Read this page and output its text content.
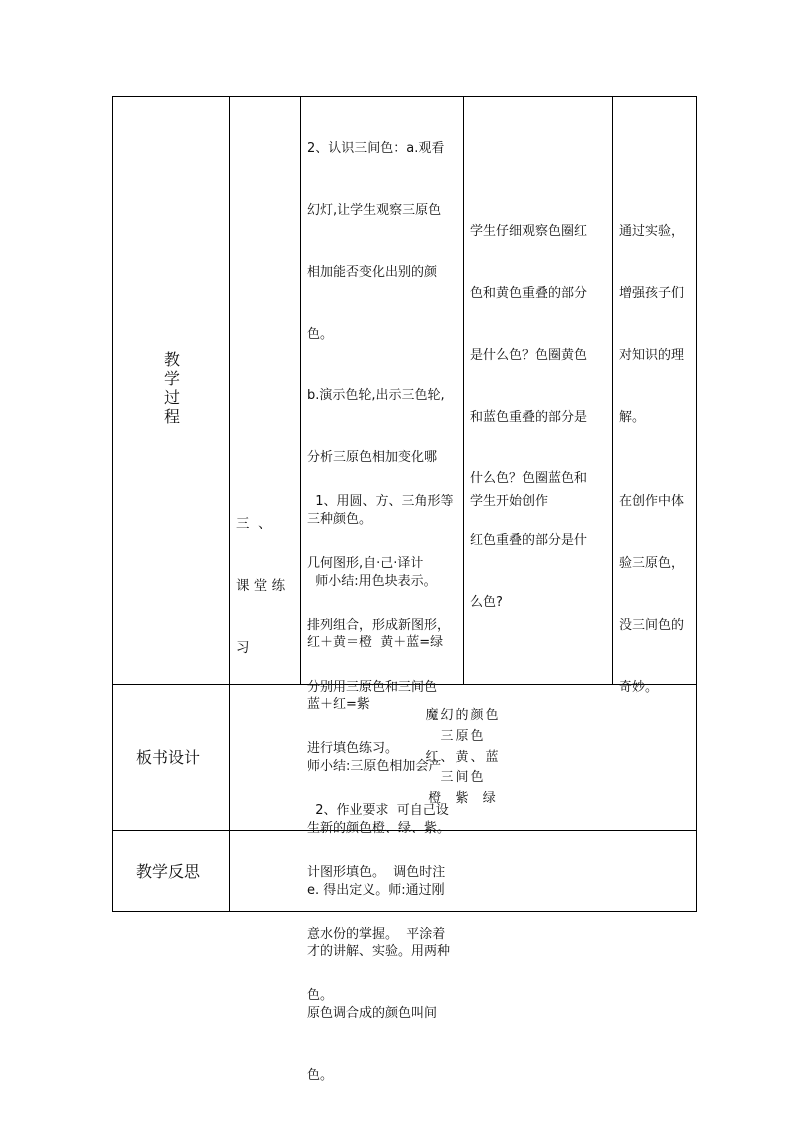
教
学
过
程

三  、

课 堂 练

习

2、认识三间色：a.观看

幻灯,让学生观察三原色

相加能否变化出别的颜

色。

b.演示色轮,出示三色轮,

分析三原色相加变化哪

三种颜色。

师小结:用色块表示。

红＋黄＝橙  黄＋蓝=绿

蓝＋红=紫

师小结:三原色相加会产

生新的颜色橙、绿、紫。

e. 得出定义。师:通过刚

才的讲解、实验。用两种

原色调合成的颜色叫间

色。

1、用圆、方、三角形等

几何图形,自·己·译计

排列组合，形成新图形，

分别用三原色和三间色

进行填色练习。

2、作业要求  可自己设

计图形填色。  调色时注

意水份的掌握。  平涂着

色。

学生仔细观察色圈红

色和黄色重叠的部分

是什么色？色圈黄色

和蓝色重叠的部分是

什么色？色圈蓝色和

红色重叠的部分是什

么色?

学生开始创作

通过实验，

增强孩子们

对知识的理

解。

在创作中体

验三原色，

没三间色的

奇妙。

板书设计
魔幻的颜色
三原色
红、黄、蓝
三间色
橙  紫  绿
教学反思
